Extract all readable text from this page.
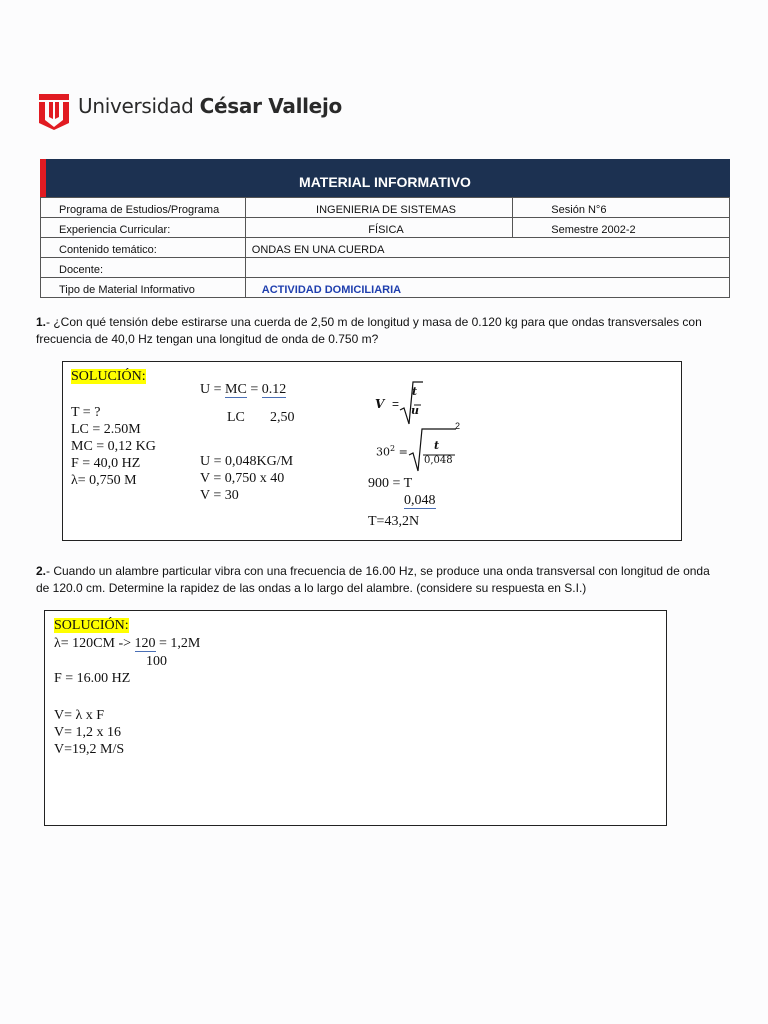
Universidad César Vallejo
MATERIAL INFORMATIVO
Programa de Estudios/Programa	INGENIERIA DE SISTEMAS	Sesión N°6
Experiencia Curricular:	FÍSICA	Semestre 2002-2
Contenido temático:	ONDAS EN UNA CUERDA	
Docente:		
Tipo de Material Informativo	ACTIVIDAD DOMICILIARIA	
1.- ¿Con qué tensión debe estirarse una cuerda de 2,50 m de longitud y masa de 0.120 kg para que ondas transversales con frecuencia de 40,0 Hz tengan una longitud de onda de 0.750 m?
SOLUCIÓN:
T = ?
LC = 2.50M
MC = 0,12 KG
F = 40,0 HZ
λ= 0,750 M
U = MC = 0.12
LC 2,50
U = 0,048KG/M
V = 0,750 x 40
V = 30
V =
t
u
$30^2$ =
2
t
0,048
900 = T
0,048
T=43,2N
2.- Cuando un alambre particular vibra con una frecuencia de 16.00 Hz, se produce una onda transversal con longitud de onda de 120.0 cm. Determine la rapidez de las ondas a lo largo del alambre. (considere su respuesta en S.I.)
SOLUCIÓN:
λ= 120CM -> 120 = 1,2M
100
F = 16.00 HZ
V= λ x F
V= 1,2 x 16
V=19,2 M/S
